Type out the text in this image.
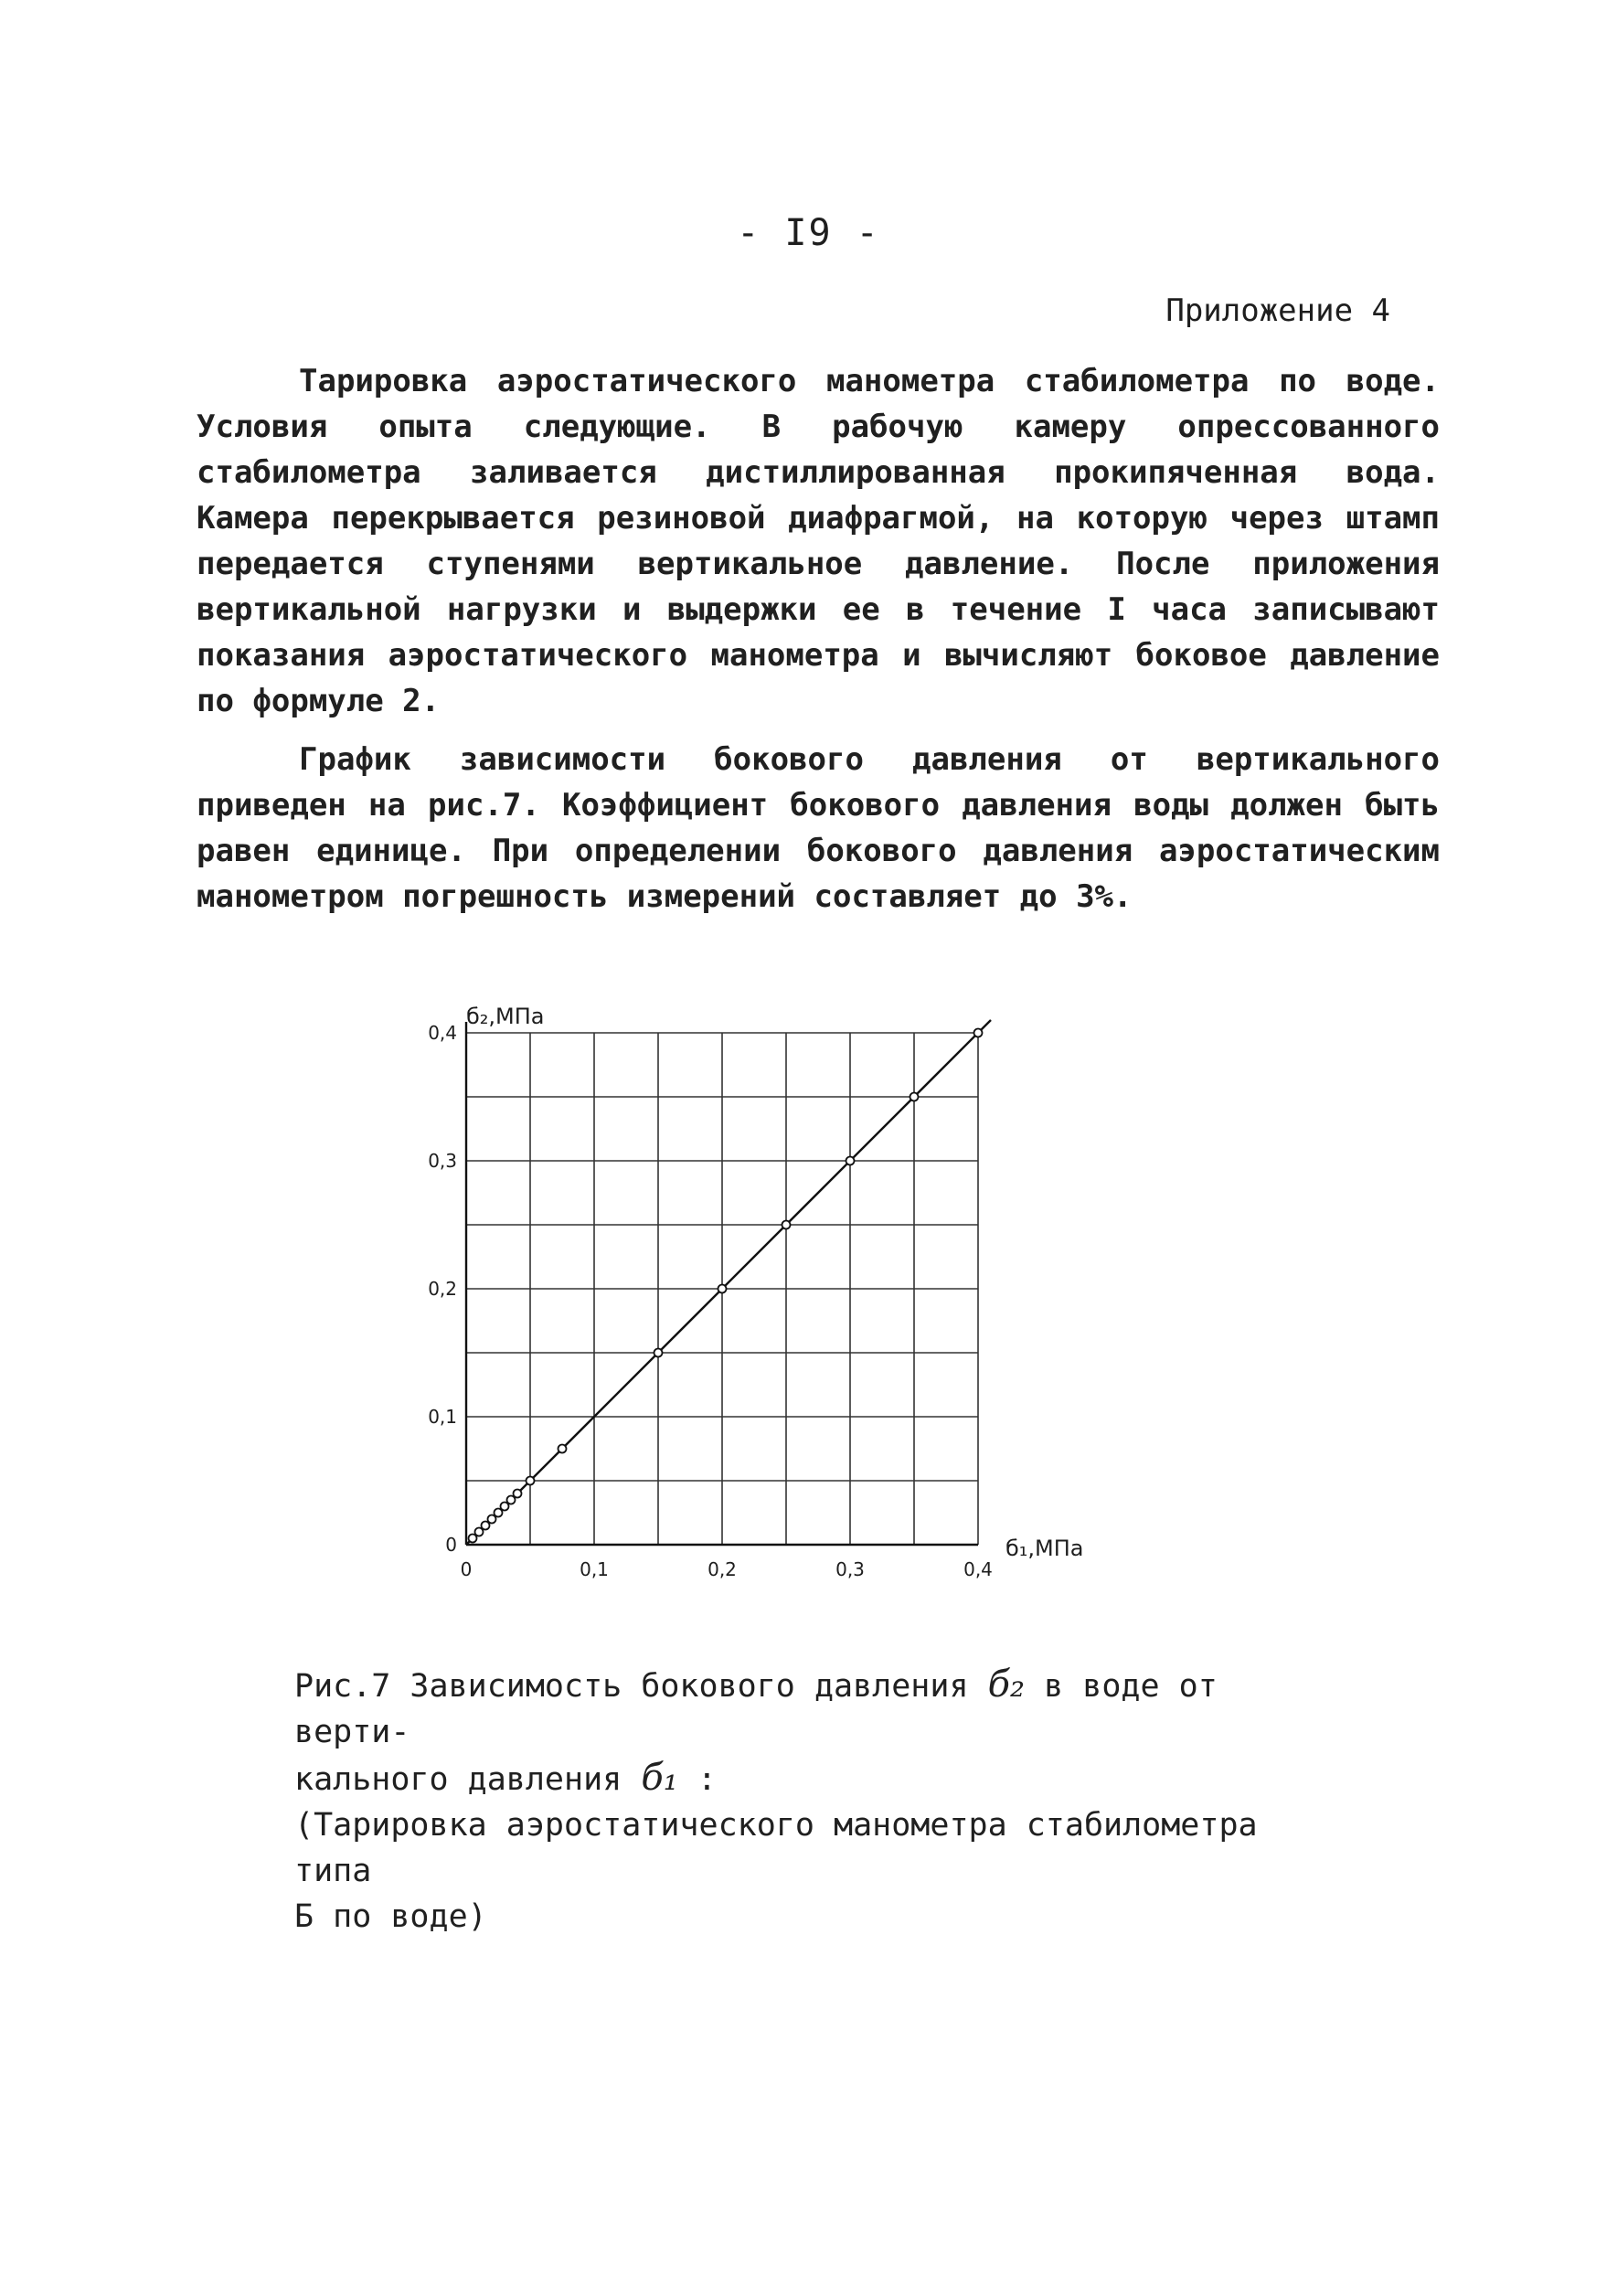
- I9 -
Приложение 4

Тарировка аэростатического манометра стабилометра по воде. Условия опыта следующие. В рабочую камеру опрессованного стабилометра заливается дистиллированная прокипяченная вода. Камера перекрывается резиновой диафрагмой, на которую через штамп передается ступенями вертикальное давление. После приложения вертикальной нагрузки и выдержки ее в течение I часа записывают показания аэростатического манометра и вычисляют боковое давление по формуле 2.

График зависимости бокового давления от вертикального приведен на рис.7. Коэффициент бокового давления воды должен быть равен единице. При определении бокового давления аэростатическим манометром погрешность измерений составляет до 3%.

0	0,1	0,2	0,3	0,4
0
0,1
0,2
0,3
0,4
б₂,МПа
б₁,МПа
Рис.7 Зависимость бокового давления б₂ в воде от верти-
кального давления б₁ :
(Тарировка аэростатического манометра стабилометра типа
Б по воде)
